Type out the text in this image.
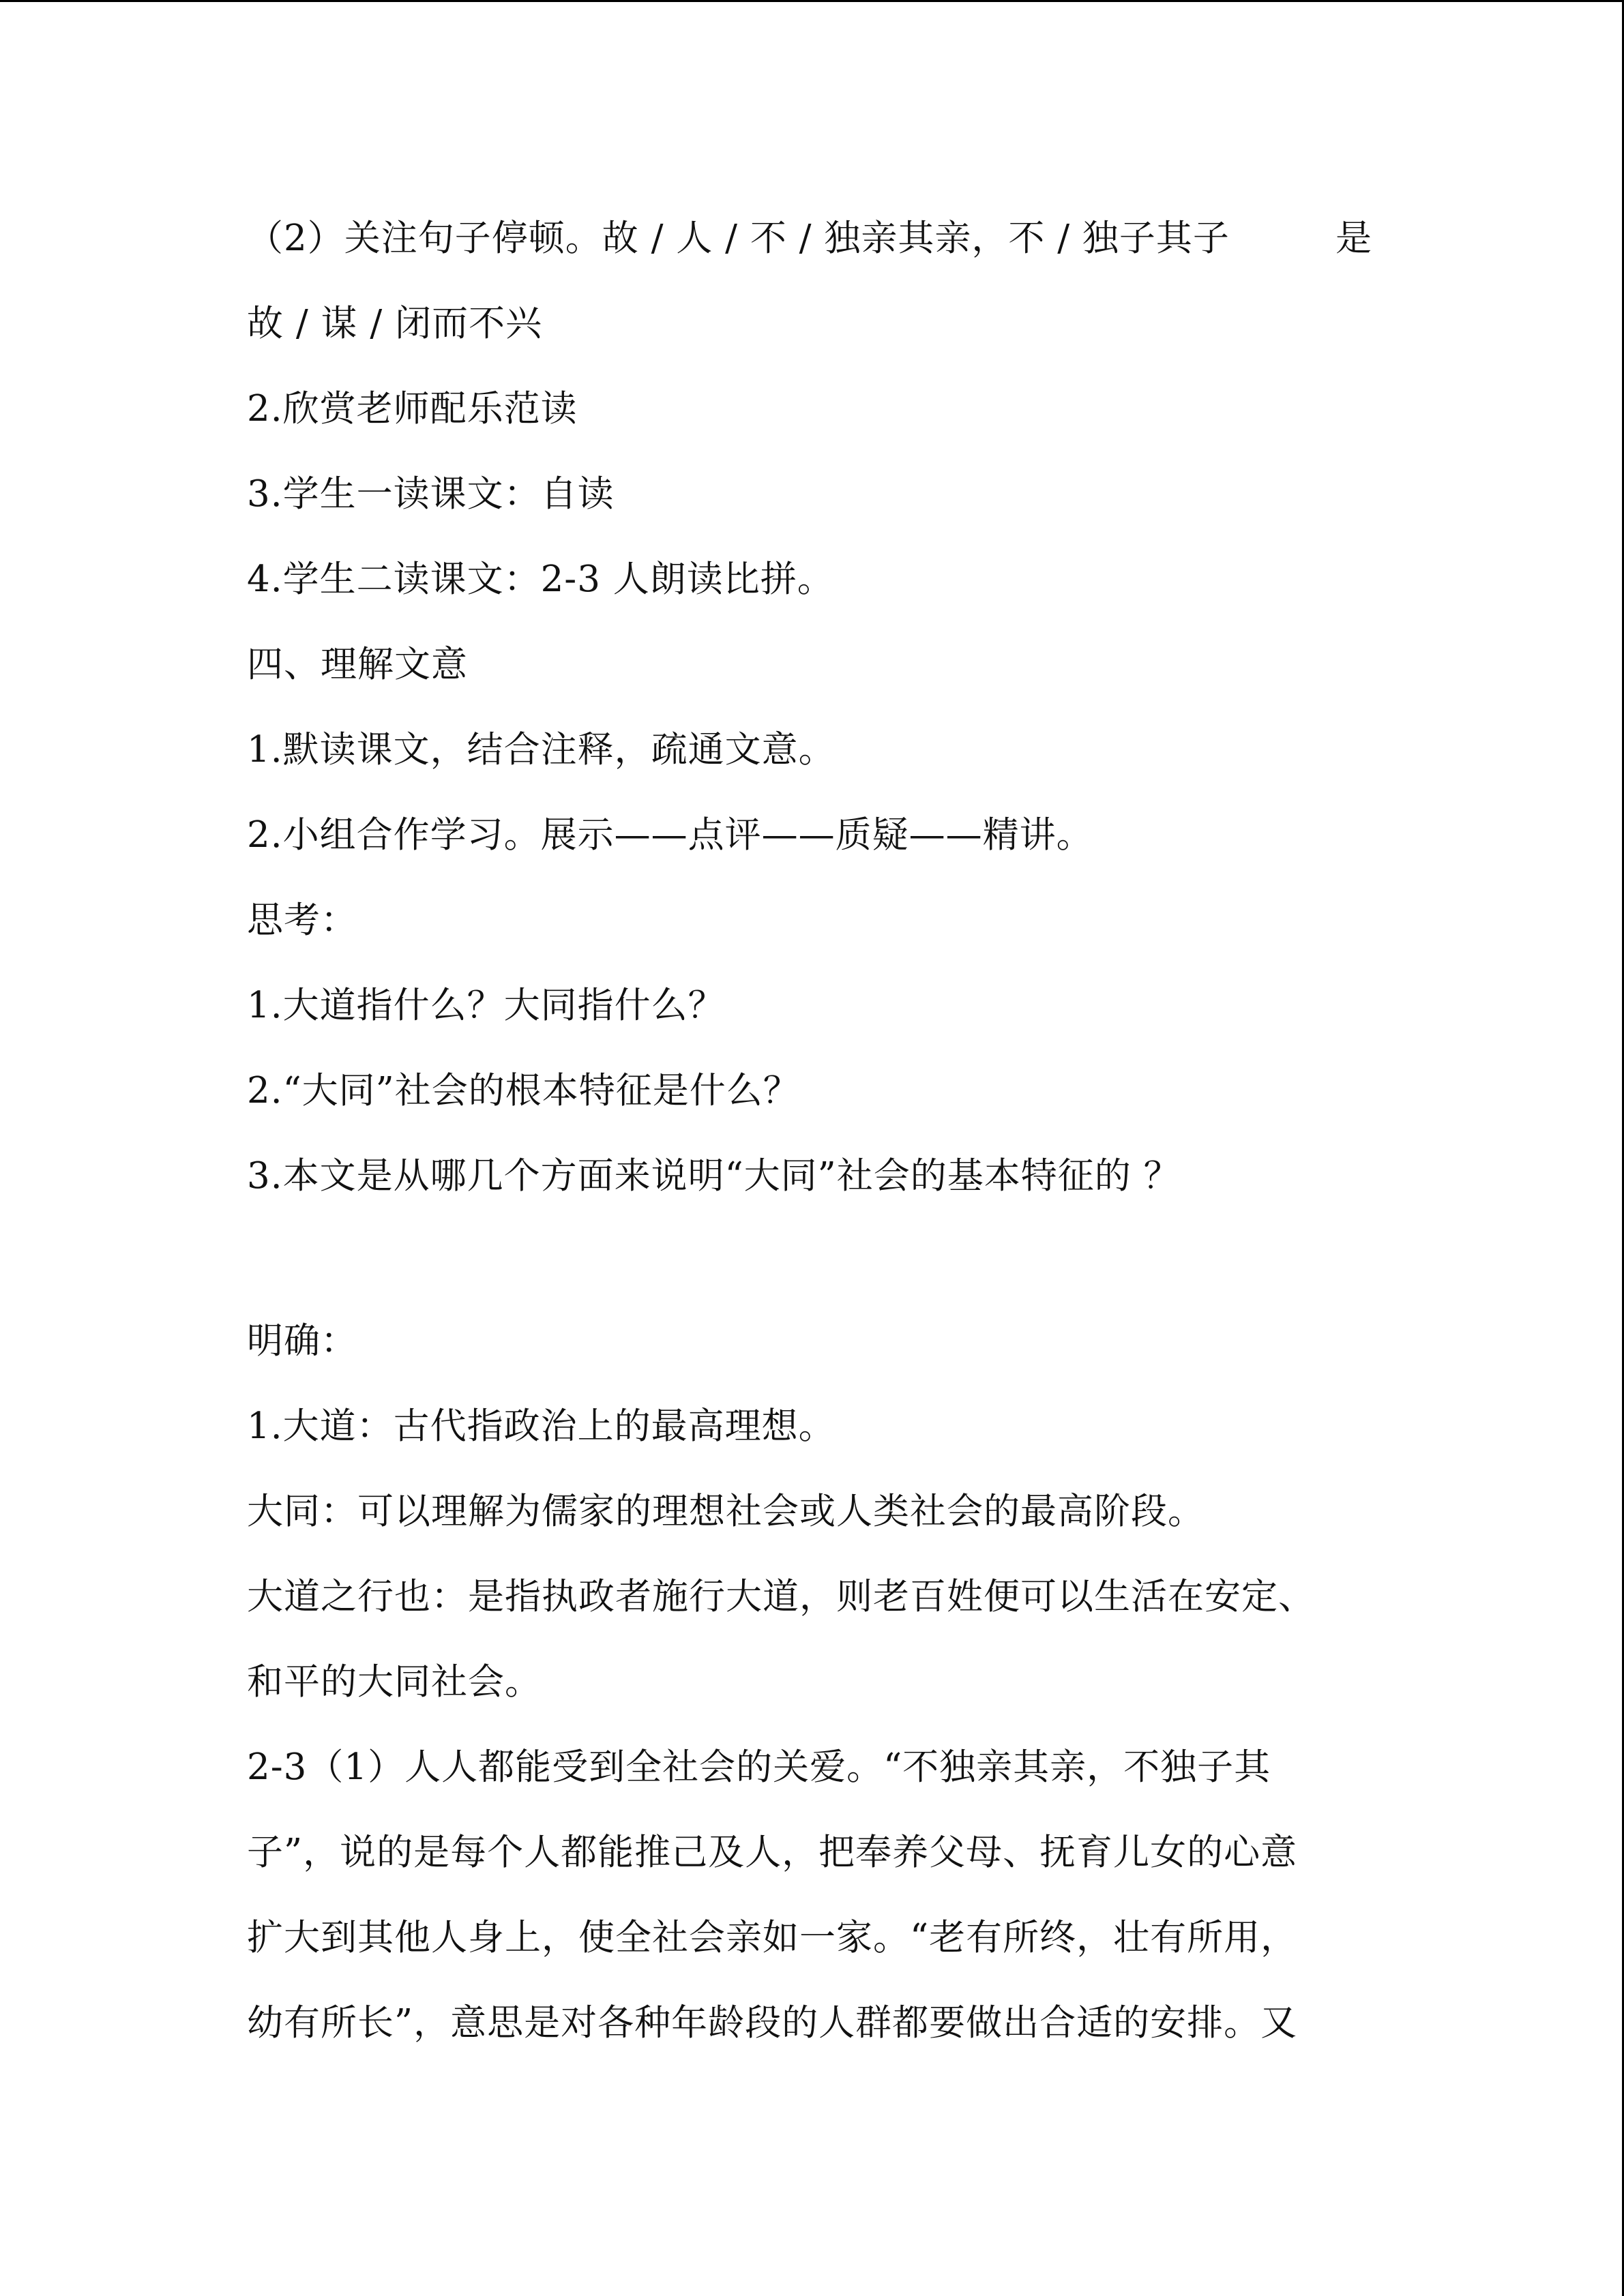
（2）关注句子停顿。故 / 人 / 不 / 独亲其亲，不 / 独子其子	是
故 / 谋 / 闭而不兴
2.欣赏老师配乐范读
3.学生一读课文：自读
4.学生二读课文：2-3 人朗读比拼。
四、理解文意
1.默读课文，结合注释，疏通文意。
2.小组合作学习。展示——点评——质疑——精讲。
思考：
1.大道指什么？大同指什么？
2.“大同”社会的根本特征是什么？
3.本文是从哪几个方面来说明“大同”社会的基本特征的 ？
明确：
1.大道：古代指政治上的最高理想。
大同：可以理解为儒家的理想社会或人类社会的最高阶段。
大道之行也：是指执政者施行大道，则老百姓便可以生活在安定、
和平的大同社会。
2-3（1）人人都能受到全社会的关爱。“不独亲其亲，不独子其
子”，说的是每个人都能推己及人，把奉养父母、抚育儿女的心意
扩大到其他人身上，使全社会亲如一家。“老有所终，壮有所用，
幼有所长”，意思是对各种年龄段的人群都要做出合适的安排。又
